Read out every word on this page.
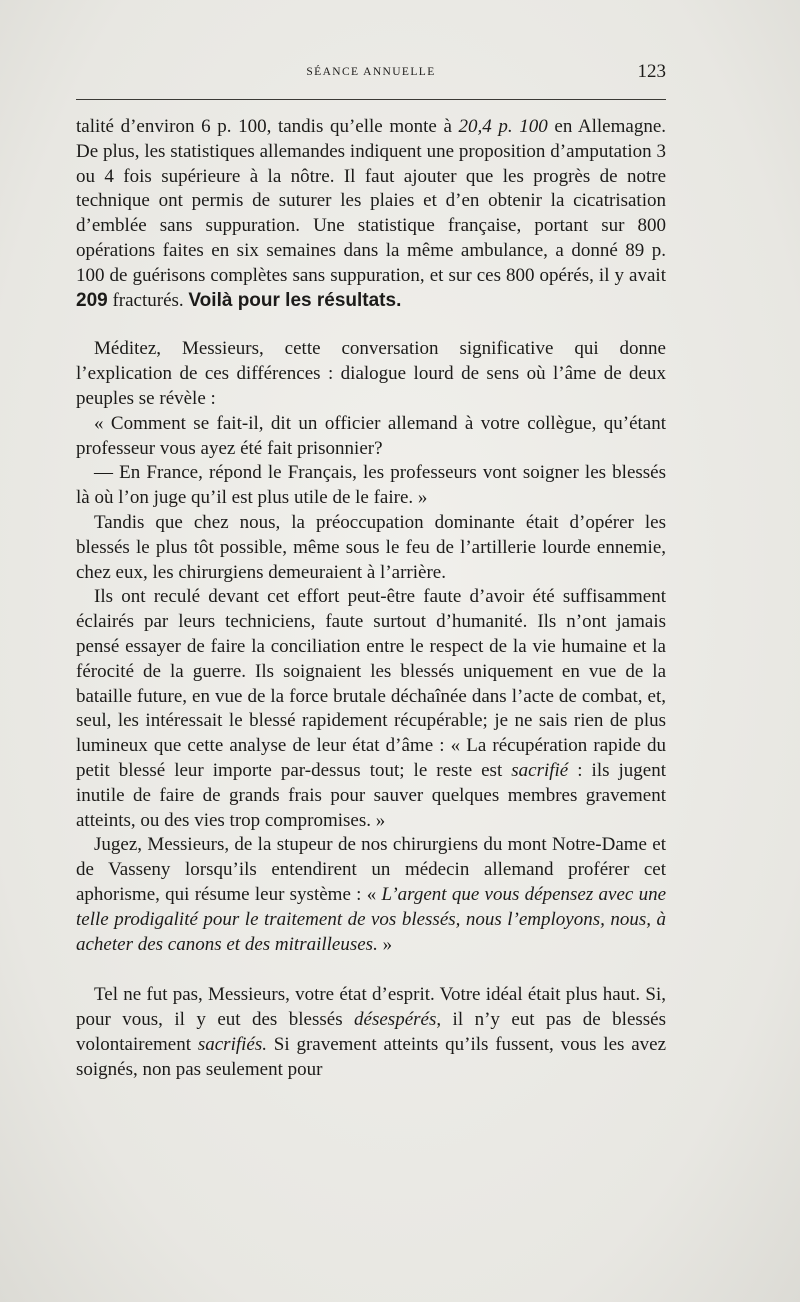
SÉANCE ANNUELLE	123

talité d’environ 6 p. 100, tandis qu’elle monte à 20,4 p. 100 en Allemagne. De plus, les statistiques allemandes indiquent une proposition d’amputation 3 ou 4 fois supérieure à la nôtre. Il faut ajouter que les progrès de notre technique ont permis de suturer les plaies et d’en obtenir la cicatrisation d’emblée sans suppuration. Une statistique française, portant sur 800 opérations faites en six semaines dans la même ambulance, a donné 89 p. 100 de guérisons complètes sans suppuration, et sur ces 800 opérés, il y avait 209 fracturés. Voilà pour les résultats.

Méditez, Messieurs, cette conversation significative qui donne l’explication de ces différences : dialogue lourd de sens où l’âme de deux peuples se révèle :

« Comment se fait-il, dit un officier allemand à votre collègue, qu’étant professeur vous ayez été fait prisonnier?

— En France, répond le Français, les professeurs vont soigner les blessés là où l’on juge qu’il est plus utile de le faire. »

Tandis que chez nous, la préoccupation dominante était d’opérer les blessés le plus tôt possible, même sous le feu de l’artillerie lourde ennemie, chez eux, les chirurgiens demeuraient à l’arrière.

Ils ont reculé devant cet effort peut-être faute d’avoir été suffisamment éclairés par leurs techniciens, faute surtout d’humanité. Ils n’ont jamais pensé essayer de faire la conciliation entre le respect de la vie humaine et la férocité de la guerre. Ils soignaient les blessés uniquement en vue de la bataille future, en vue de la force brutale déchaînée dans l’acte de combat, et, seul, les intéressait le blessé rapidement récupérable; je ne sais rien de plus lumineux que cette analyse de leur état d’âme : « La récupération rapide du petit blessé leur importe par-dessus tout; le reste est sacrifié : ils jugent inutile de faire de grands frais pour sauver quelques membres gravement atteints, ou des vies trop compromises. »

Jugez, Messieurs, de la stupeur de nos chirurgiens du mont Notre-Dame et de Vasseny lorsqu’ils entendirent un médecin allemand proférer cet aphorisme, qui résume leur système : « L’argent que vous dépensez avec une telle prodigalité pour le traitement de vos blessés, nous l’employons, nous, à acheter des canons et des mitrailleuses. »

Tel ne fut pas, Messieurs, votre état d’esprit. Votre idéal était plus haut. Si, pour vous, il y eut des blessés désespérés, il n’y eut pas de blessés volontairement sacrifiés. Si gravement atteints qu’ils fussent, vous les avez soignés, non pas seulement pour
